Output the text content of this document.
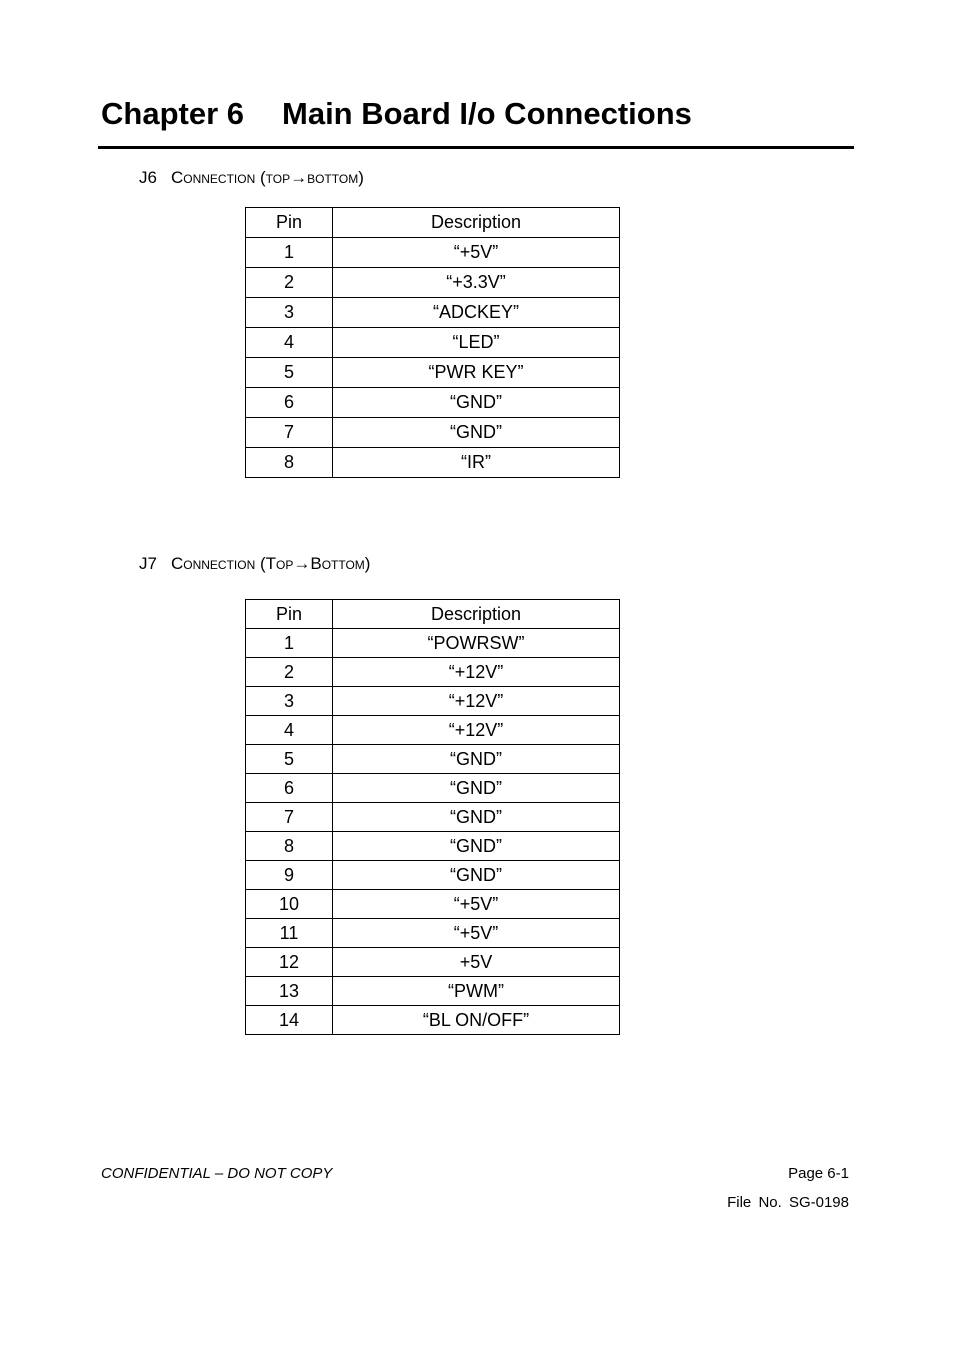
Chapter 6 Main Board I/o Connections
J6 Connection (top→bottom)
Pin	Description
1	“+5V”
2	“+3.3V”
3	“ADCKEY”
4	“LED”
5	“PWR KEY”
6	“GND”
7	“GND”
8	“IR”
J7 Connection (Top→Bottom)
Pin	Description
1	“POWRSW”
2	“+12V”
3	“+12V”
4	“+12V”
5	“GND”
6	“GND”
7	“GND”
8	“GND”
9	“GND”
10	“+5V”
11	“+5V”
12	+5V
13	“PWM”
14	“BL ON/OFF”
CONFIDENTIAL – DO NOT COPY	Page 6-1
File No. SG-0198
